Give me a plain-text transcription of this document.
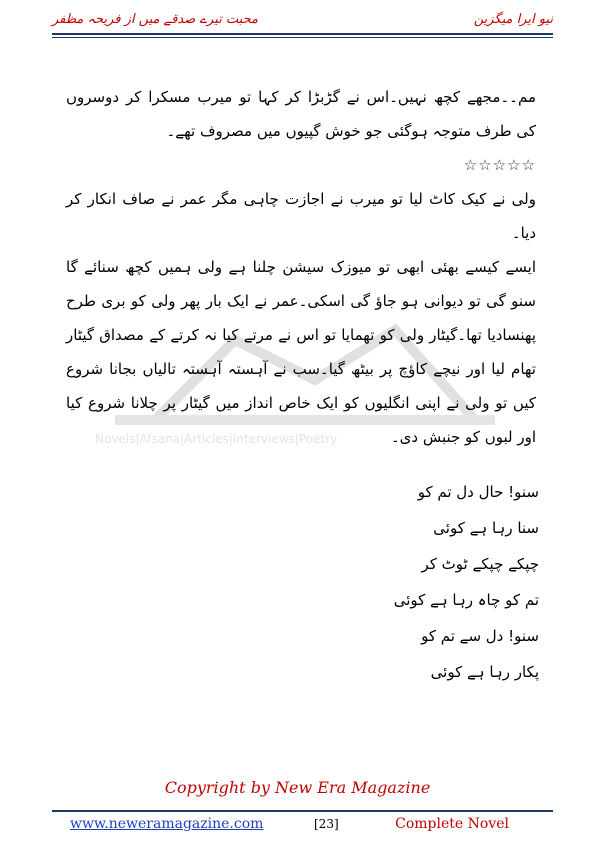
محبت تیرے صدقے میں از فریحہ مظفر	نیو ایرا میگزین
Novels|Afsana|Articles|Interviews|Poetry

مم۔۔مجھے کچھ نہیں۔اس نے گڑبڑا کر کہا تو میرب مسکرا کر دوسروں کی طرف متوجہ ہوگئی جو خوش گپیوں میں مصروف تھے۔

☆☆☆☆☆

ولی نے کیک کاٹ لیا تو میرب نے اجازت چاہی مگر عمر نے صاف انکار کر دیا۔

ایسے کیسے بھئی ابھی تو میوزک سیشن چلنا ہے ولی ہمیں کچھ سنائے گا سنو گی تو دیوانی ہو جاؤ گی اسکی۔عمر نے ایک بار پھر ولی کو بری طرح پھنسادیا تھا۔گیٹار ولی کو تھمایا تو اس نے مرتے کیا نہ کرتے کے مصداق گیٹار تھام لیا اور نیچے کاؤچ پر بیٹھ گیا۔سب نے آہستہ آہستہ تالیاں بجانا شروع کیں تو ولی نے اپنی انگلیوں کو ایک خاص انداز میں گیٹار پر چلانا شروع کیا اور لبوں کو جنبش دی۔

سنو! حال دل تم کو
سنا رہا ہے کوئی
چپکے چپکے ٹوٹ کر
تم کو چاہ رہا ہے کوئی
سنو! دل سے تم کو
پکار رہا ہے کوئی
Copyright by New Era Magazine
www.neweramagazine.com	[23]	Complete Novel
